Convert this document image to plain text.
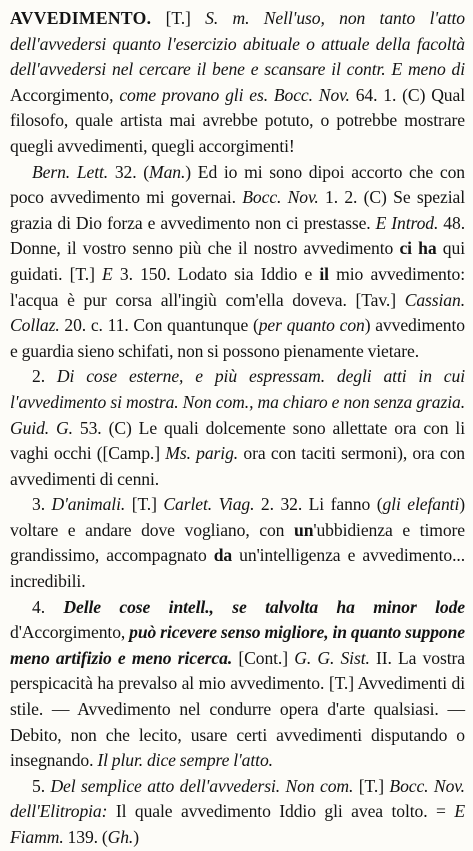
AVVEDIMENTO. [T.] S. m. Nell'uso, non tanto l'atto dell'avvedersi quanto l'esercizio abituale o attuale della facoltà dell'avvedersi nel cercare il bene e scansare il contr. E meno di Accorgimento, come provano gli es. Bocc. Nov. 64. 1. (C) Qual filosofo, quale artista mai avrebbe potuto, o potrebbe mostrare quegli avvedimenti, quegli accorgimenti!

Bern. Lett. 32. (Man.) Ed io mi sono dipoi accorto che con poco avvedimento mi governai. Bocc. Nov. 1. 2. (C) Se spezial grazia di Dio forza e avvedimento non ci prestasse. E Introd. 48. Donne, il vostro senno più che il nostro avvedimento ci ha qui guidati. [T.] E 3. 150. Lodato sia Iddio e il mio avvedimento: l'acqua è pur corsa all'ingiù com'ella doveva. [Tav.] Cassian. Collaz. 20. c. 11. Con quantunque (per quanto con) avvedimento e guardia sieno schifati, non si possono pienamente vietare.

2. Di cose esterne, e più espressam. degli atti in cui l'avvedimento si mostra. Non com., ma chiaro e non senza grazia. Guid. G. 53. (C) Le quali dolcemente sono allettate ora con li vaghi occhi ([Camp.] Ms. parig. ora con taciti sermoni), ora con avvedimenti di cenni.

3. D'animali. [T.] Carlet. Viag. 2. 32. Li fanno (gli elefanti) voltare e andare dove vogliano, con un'ubbidienza e timore grandissimo, accompagnato da un'intelligenza e avvedimento... incredibili.

4. Delle cose intell., se talvolta ha minor lode d'Accorgimento, può ricevere senso migliore, in quanto suppone meno artifizio e meno ricerca. [Cont.] G. G. Sist. II. La vostra perspicacità ha prevalso al mio avvedimento. [T.] Avvedimenti di stile. — Avvedimento nel condurre opera d'arte qualsiasi. — Debito, non che lecito, usare certi avvedimenti disputando o insegnando. Il plur. dice sempre l'atto.

5. Del semplice atto dell'avvedersi. Non com. [T.] Bocc. Nov. dell'Elitropia: Il quale avvedimento Iddio gli avea tolto. = E Fiamm. 139. (Gh.)
